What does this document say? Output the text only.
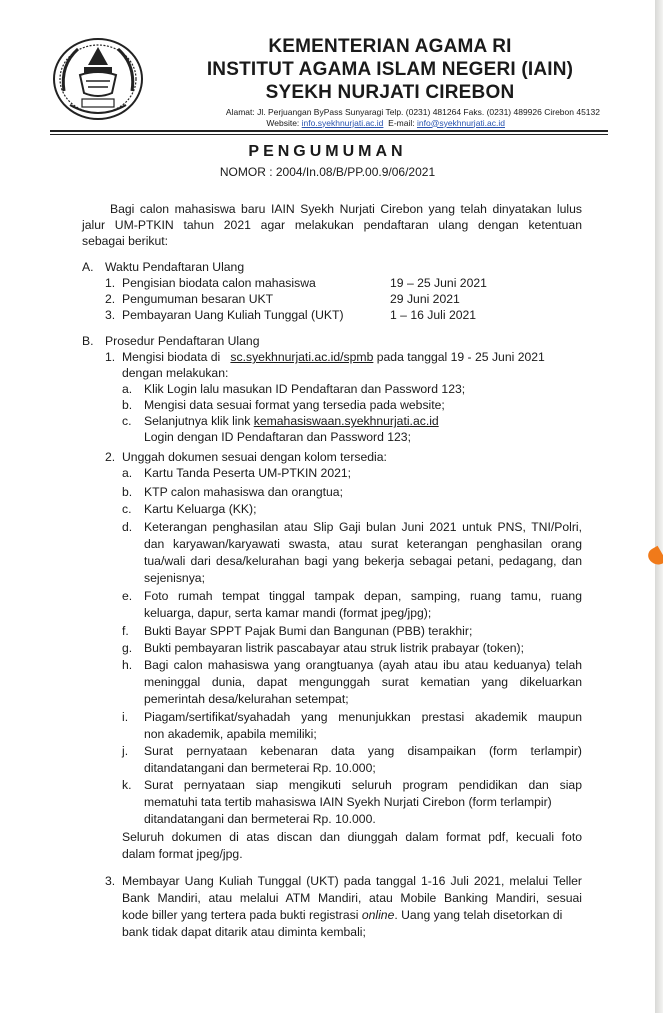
KEMENTERIAN AGAMA RI
INSTITUT AGAMA ISLAM NEGERI (IAIN)
SYEKH NURJATI CIREBON
Alamat: Jl. Perjuangan ByPass Sunyaragi Telp. (0231) 481264 Faks. (0231) 489926 Cirebon 45132
Website: info.syekhnurjati.ac.id E-mail: info@syekhnurjati.ac.id
PENGUMUMAN
NOMOR : 2004/In.08/B/PP.00.9/06/2021
Bagi calon mahasiswa baru IAIN Syekh Nurjati Cirebon yang telah dinyatakan lulus
jalur UM-PTKIN tahun 2021 agar melakukan pendaftaran ulang dengan ketentuan
sebagai berikut:
A. Waktu Pendaftaran Ulang
1. Pengisian biodata calon mahasiswa	19 – 25 Juni 2021
2. Pengumuman besaran UKT	29 Juni 2021
3. Pembayaran Uang Kuliah Tunggal (UKT)	1 – 16 Juli 2021
B. Prosedur Pendaftaran Ulang
1. Mengisi biodata di sc.syekhnurjati.ac.id/spmb pada tanggal 19 - 25 Juni 2021
dengan melakukan:
a. Klik Login lalu masukan ID Pendaftaran dan Password 123;
b. Mengisi data sesuai format yang tersedia pada website;
c. Selanjutnya klik link kemahasiswaan.syekhnurjati.ac.id
Login dengan ID Pendaftaran dan Password 123;
2. Unggah dokumen sesuai dengan kolom tersedia:
a. Kartu Tanda Peserta UM-PTKIN 2021;
b. KTP calon mahasiswa dan orangtua;
c. Kartu Keluarga (KK);
d. Keterangan penghasilan atau Slip Gaji bulan Juni 2021 untuk PNS, TNI/Polri,
dan karyawan/karyawati swasta, atau surat keterangan penghasilan orang
tua/wali dari desa/kelurahan bagi yang bekerja sebagai petani, pedagang, dan
sejenisnya;
e. Foto rumah tempat tinggal tampak depan, samping, ruang tamu, ruang
keluarga, dapur, serta kamar mandi (format jpeg/jpg);
f. Bukti Bayar SPPT Pajak Bumi dan Bangunan (PBB) terakhir;
g. Bukti pembayaran listrik pascabayar atau struk listrik prabayar (token);
h. Bagi calon mahasiswa yang orangtuanya (ayah atau ibu atau keduanya) telah
meninggal dunia, dapat mengunggah surat kematian yang dikeluarkan
pemerintah desa/kelurahan setempat;
i. Piagam/sertifikat/syahadah yang menunjukkan prestasi akademik maupun
non akademik, apabila memiliki;
j. Surat pernyataan kebenaran data yang disampaikan (form terlampir)
ditandatangani dan bermeterai Rp. 10.000;
k. Surat pernyataan siap mengikuti seluruh program pendidikan dan siap
mematuhi tata tertib mahasiswa IAIN Syekh Nurjati Cirebon (form terlampir)
ditandatangani dan bermeterai Rp. 10.000.
Seluruh dokumen di atas discan dan diunggah dalam format pdf, kecuali foto
dalam format jpeg/jpg.
3. Membayar Uang Kuliah Tunggal (UKT) pada tanggal 1-16 Juli 2021, melalui Teller
Bank Mandiri, atau melalui ATM Mandiri, atau Mobile Banking Mandiri, sesuai
kode biller yang tertera pada bukti registrasi online. Uang yang telah disetorkan di
bank tidak dapat ditarik atau diminta kembali;
